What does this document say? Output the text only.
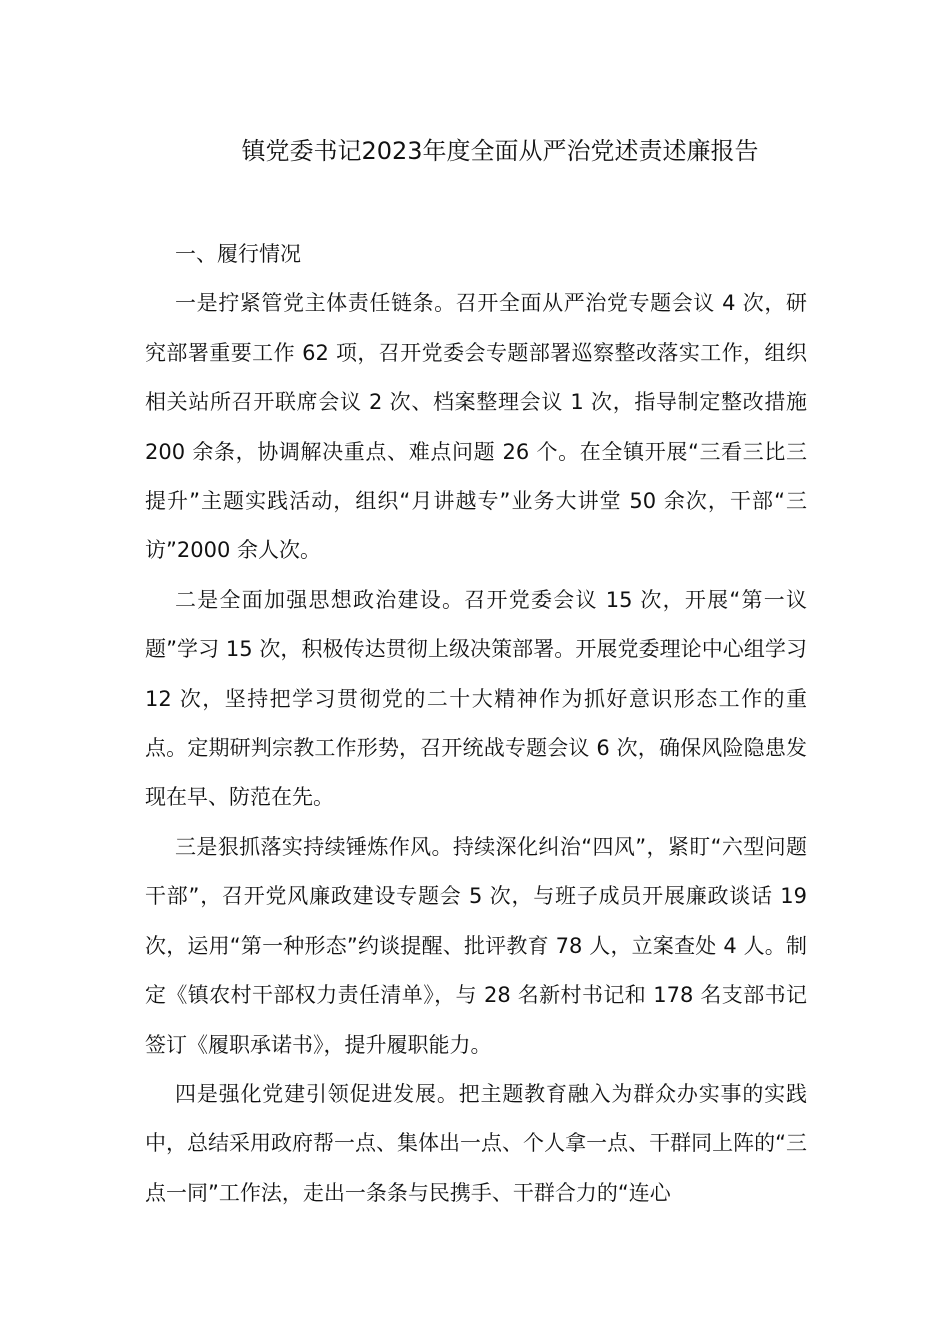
镇党委书记2023年度全面从严治党述责述廉报告

一、履行情况

一是拧紧管党主体责任链条。召开全面从严治党专题会议 4 次，研究部署重要工作 62 项，召开党委会专题部署巡察整改落实工作，组织相关站所召开联席会议 2 次、档案整理会议 1 次，指导制定整改措施 200 余条，协调解决重点、难点问题 26 个。在全镇开展“三看三比三提升”主题实践活动，组织“月讲越专”业务大讲堂 50 余次，干部“三访”2000 余人次。

二是全面加强思想政治建设。召开党委会议 15 次，开展“第一议题”学习 15 次，积极传达贯彻上级决策部署。开展党委理论中心组学习 12 次，坚持把学习贯彻党的二十大精神作为抓好意识形态工作的重点。定期研判宗教工作形势，召开统战专题会议 6 次，确保风险隐患发现在早、防范在先。

三是狠抓落实持续锤炼作风。持续深化纠治“四风”，紧盯“六型问题干部”，召开党风廉政建设专题会 5 次，与班子成员开展廉政谈话 19 次，运用“第一种形态”约谈提醒、批评教育 78 人，立案查处 4 人。制定《镇农村干部权力责任清单》，与 28 名新村书记和 178 名支部书记签订《履职承诺书》，提升履职能力。

四是强化党建引领促进发展。把主题教育融入为群众办实事的实践中，总结采用政府帮一点、集体出一点、个人拿一点、干群同上阵的“三点一同”工作法，走出一条条与民携手、干群合力的“连心
